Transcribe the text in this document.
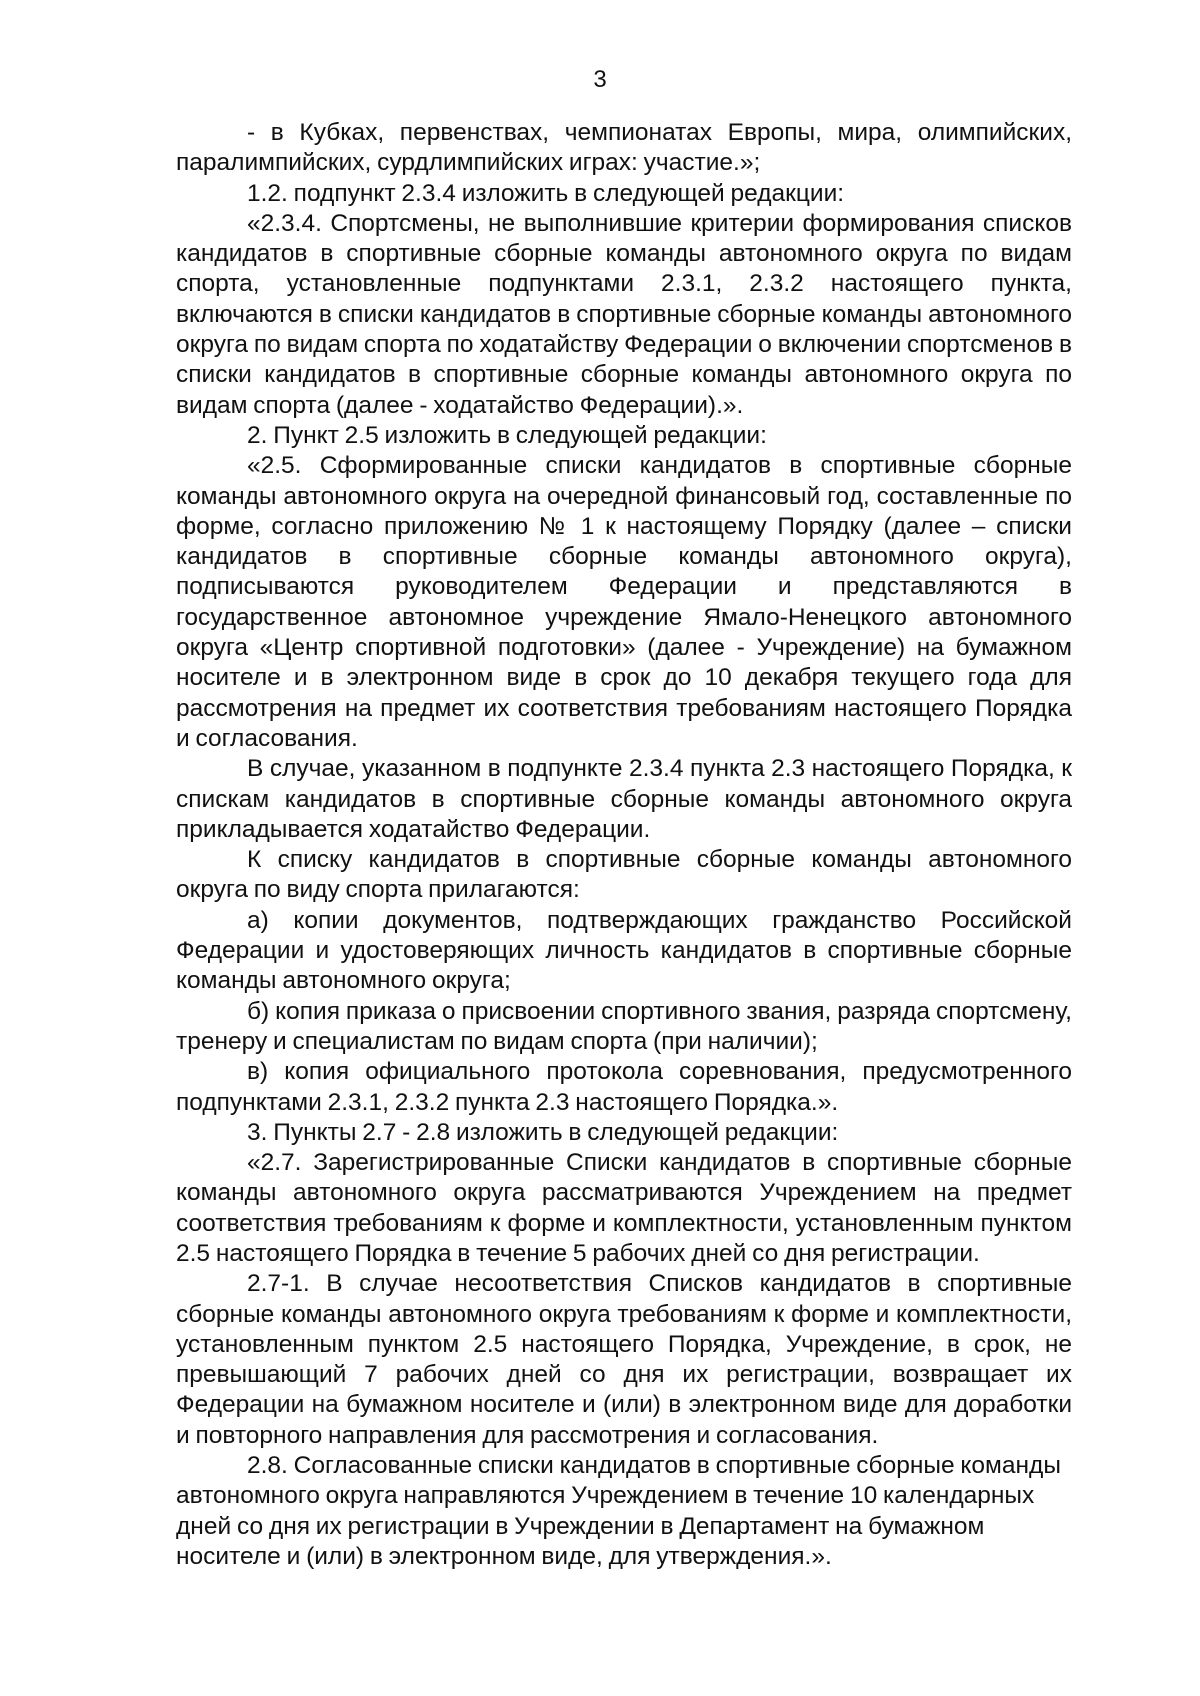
3

- в Кубках, первенствах, чемпионатах Европы, мира, олимпийских, паралимпийских, сурдлимпийских играх: участие.»;

1.2. подпункт 2.3.4 изложить в следующей редакции:

«2.3.4. Спортсмены, не выполнившие критерии формирования списков кандидатов в спортивные сборные команды автономного округа по видам спорта, установленные подпунктами 2.3.1, 2.3.2 настоящего пункта, включаются в списки кандидатов в спортивные сборные команды автономного округа по видам спорта по ходатайству Федерации о включении спортсменов в списки кандидатов в спортивные сборные команды автономного округа по видам спорта (далее - ходатайство Федерации).».

2. Пункт 2.5 изложить в следующей редакции:

«2.5. Сформированные списки кандидатов в спортивные сборные команды автономного округа на очередной финансовый год, составленные по форме, согласно приложению № 1 к настоящему Порядку (далее – списки кандидатов в спортивные сборные команды автономного округа), подписываются руководителем Федерации и представляются в государственное автономное учреждение Ямало-Ненецкого автономного округа «Центр спортивной подготовки» (далее - Учреждение) на бумажном носителе и в электронном виде в срок до 10 декабря текущего года для рассмотрения на предмет их соответствия требованиям настоящего Порядка и согласования.

В случае, указанном в подпункте 2.3.4 пункта 2.3 настоящего Порядка, к спискам кандидатов в спортивные сборные команды автономного округа прикладывается ходатайство Федерации.

К списку кандидатов в спортивные сборные команды автономного округа по виду спорта прилагаются:

а) копии документов, подтверждающих гражданство Российской Федерации и удостоверяющих личность кандидатов в спортивные сборные команды автономного округа;

б) копия приказа о присвоении спортивного звания, разряда спортсмену, тренеру и специалистам по видам спорта (при наличии);

в) копия официального протокола соревнования, предусмотренного подпунктами 2.3.1, 2.3.2 пункта 2.3 настоящего Порядка.».

3. Пункты 2.7 - 2.8 изложить в следующей редакции:

«2.7. Зарегистрированные Списки кандидатов в спортивные сборные команды автономного округа рассматриваются Учреждением на предмет соответствия требованиям к форме и комплектности, установленным пунктом 2.5 настоящего Порядка в течение 5 рабочих дней со дня регистрации.

2.7-1. В случае несоответствия Списков кандидатов в спортивные сборные команды автономного округа требованиям к форме и комплектности, установленным пунктом 2.5 настоящего Порядка, Учреждение, в срок, не превышающий 7 рабочих дней со дня их регистрации, возвращает их Федерации на бумажном носителе и (или) в электронном виде для доработки и повторного направления для рассмотрения и согласования.

2.8. Согласованные списки кандидатов в спортивные сборные команды автономного округа направляются Учреждением в течение 10 календарных дней со дня их регистрации в Учреждении в Департамент на бумажном носителе и (или) в электронном виде, для утверждения.».
